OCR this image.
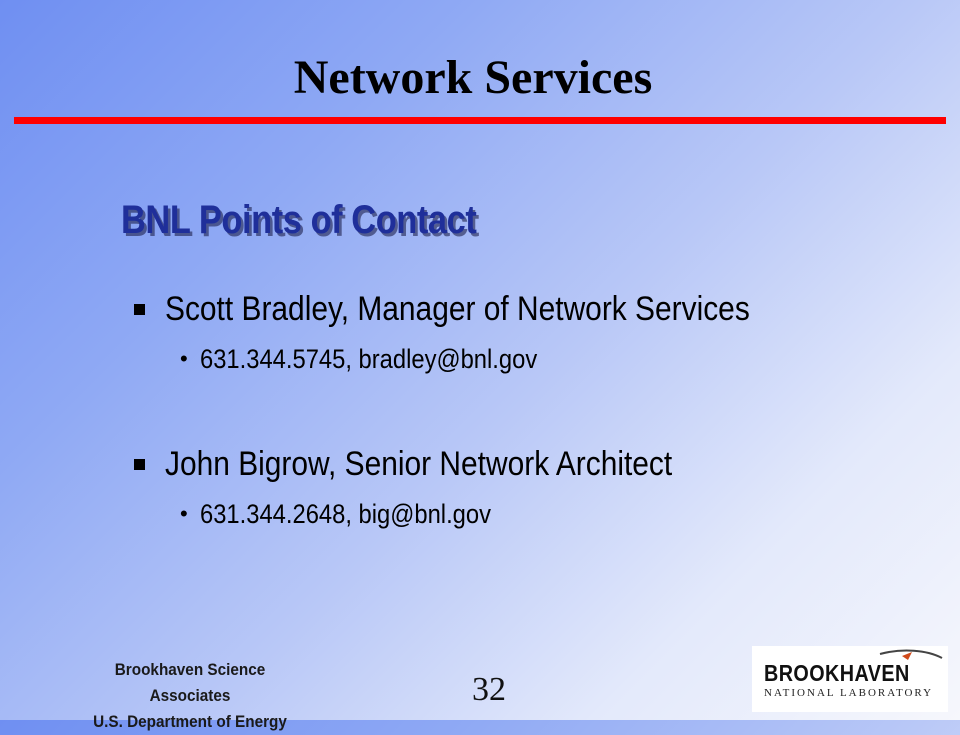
Network Services
BNL Points of Contact
Scott Bradley, Manager of Network Services
• 631.344.5745, bradley@bnl.gov
John Bigrow, Senior Network Architect
• 631.344.2648, big@bnl.gov
Brookhaven Science Associates
U.S. Department of Energy
32	BROOKHAVEN
NATIONAL LABORATORY
